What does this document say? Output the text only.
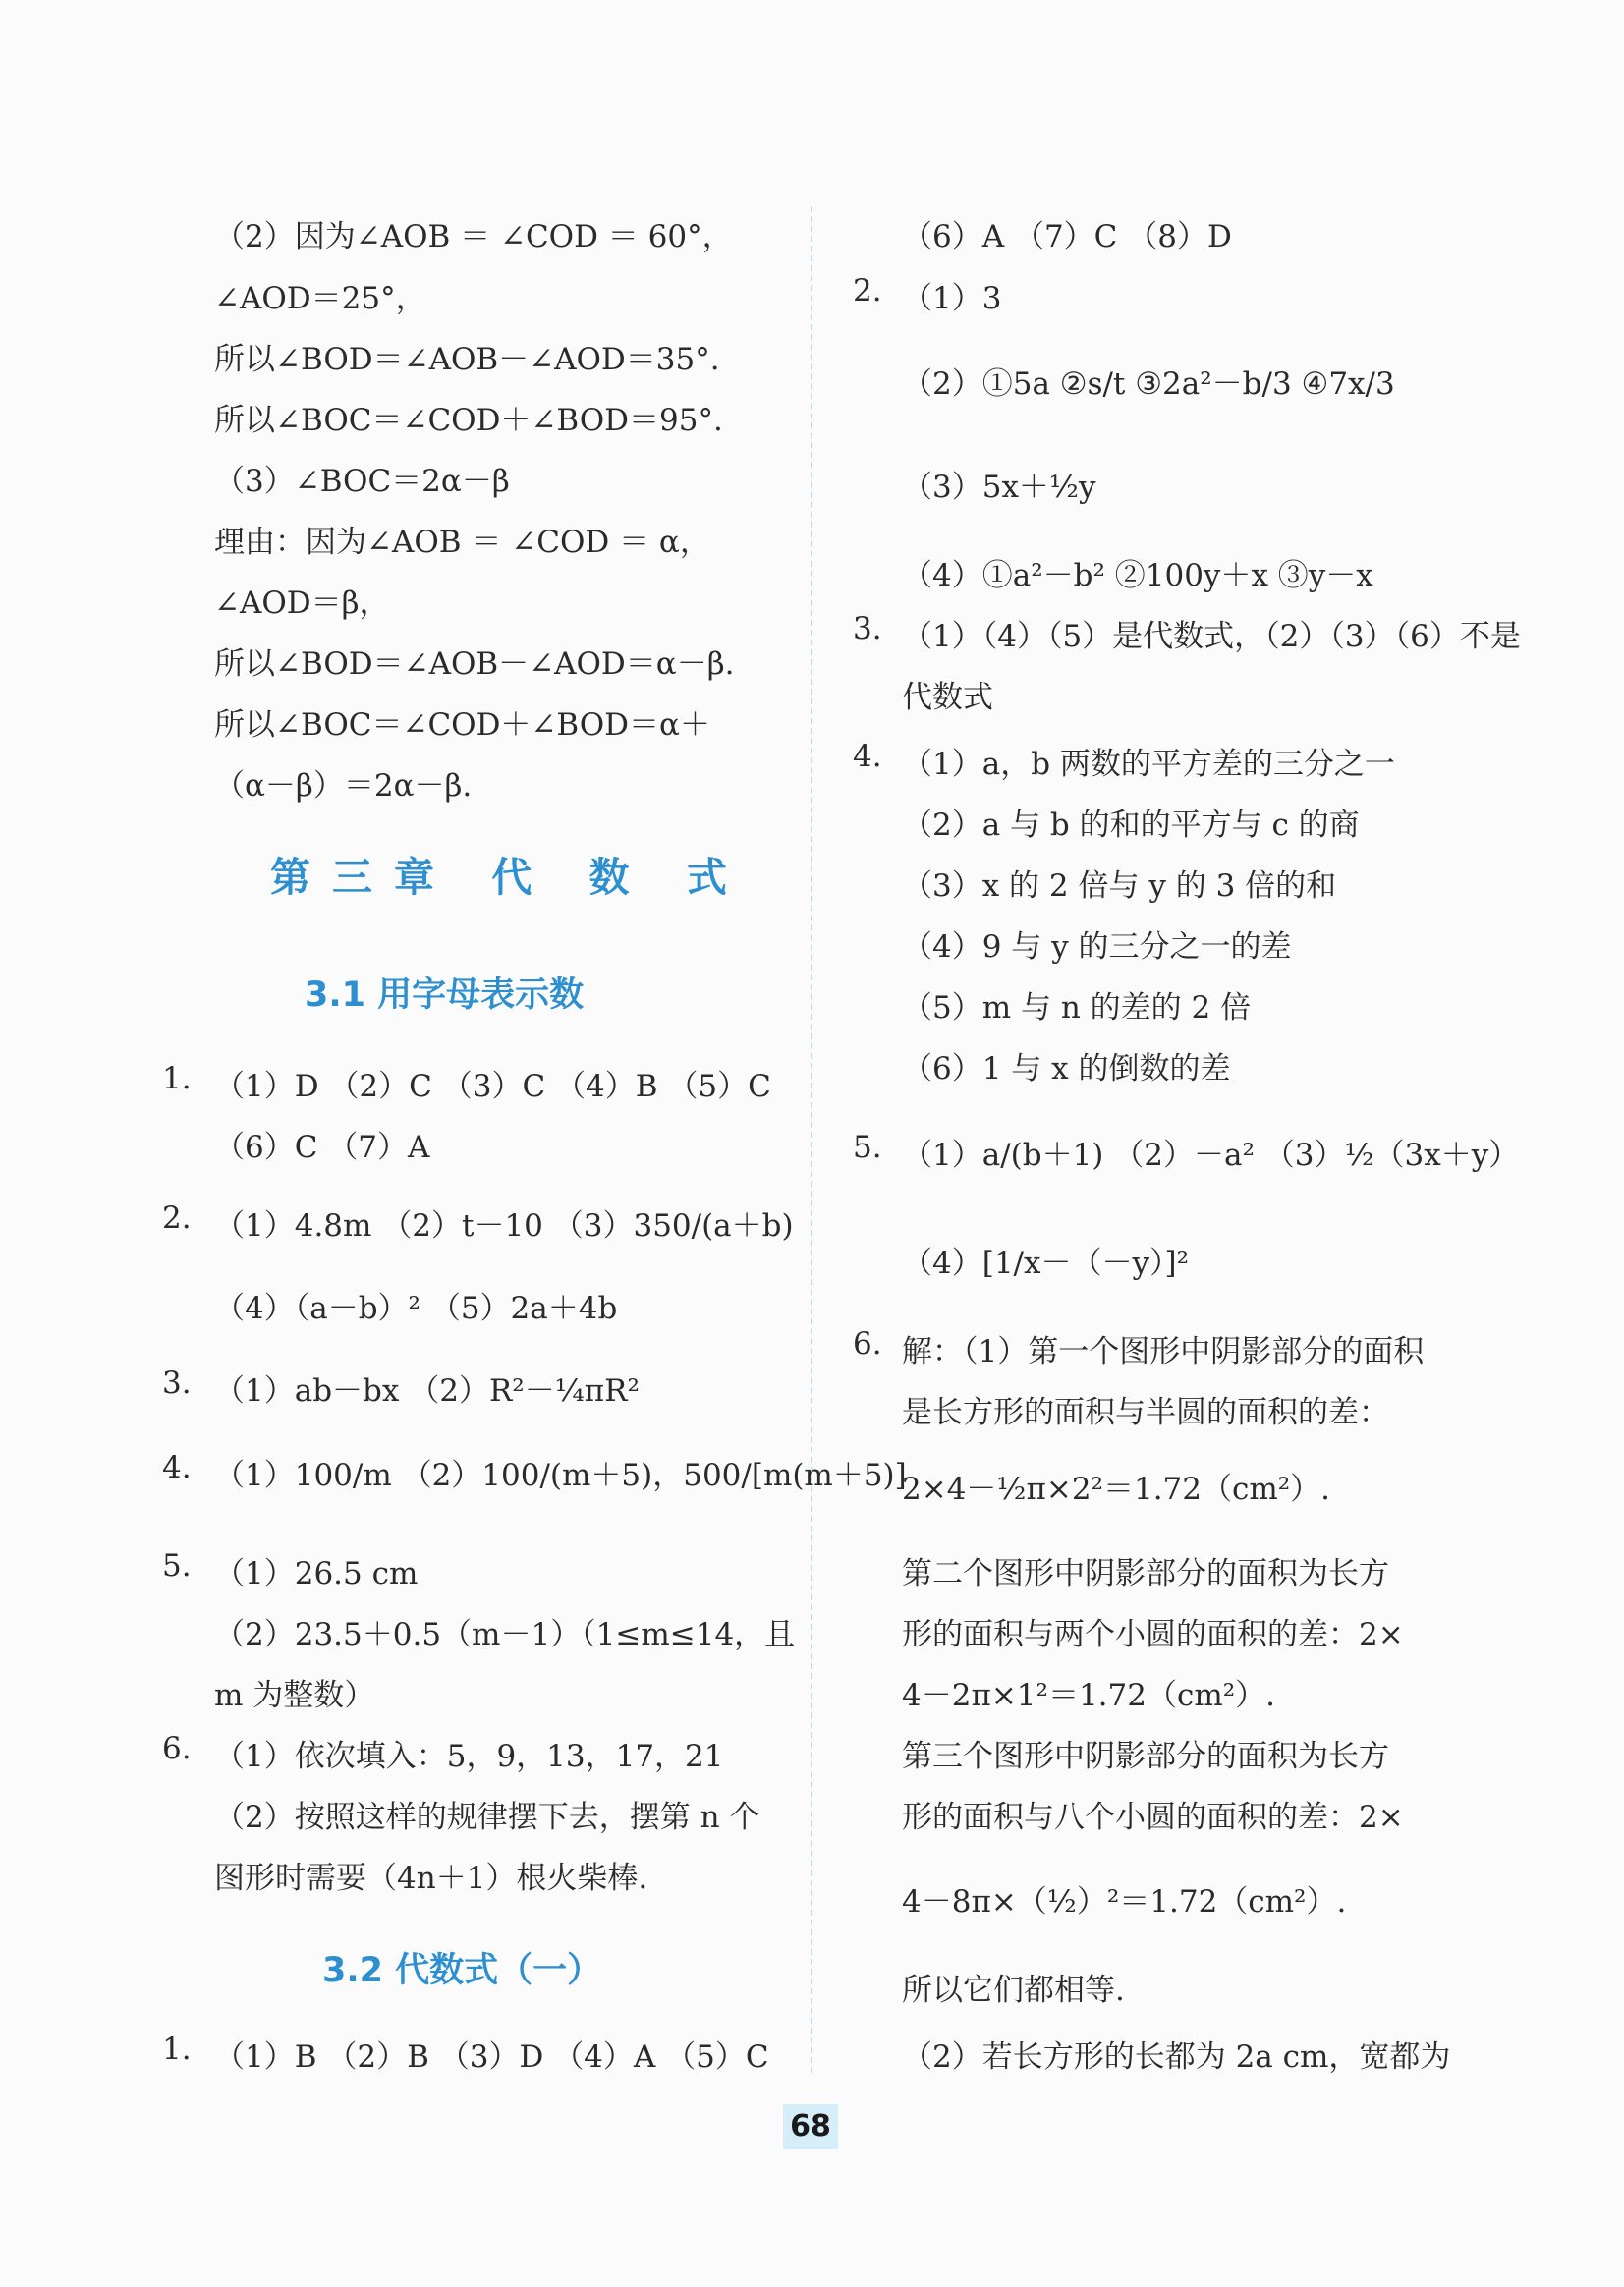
68
（2）因为∠AOB ＝ ∠COD ＝ 60°，
∠AOD＝25°，
所以∠BOD＝∠AOB－∠AOD＝35°.
所以∠BOC＝∠COD＋∠BOD＝95°.
（3）∠BOC＝2α－β
理由：因为∠AOB ＝ ∠COD ＝ α，
∠AOD＝β，
所以∠BOD＝∠AOB－∠AOD＝α－β.
所以∠BOC＝∠COD＋∠BOD＝α＋
（α－β）＝2α－β.
第三章 代 数 式
3.1 用字母表示数
1. （1）D （2）C （3）C （4）B （5）C
（6）C （7）A
2. （1）4.8m （2）t－10 （3）350/(a＋b)
（4）（a－b）² （5）2a＋4b
3. （1）ab－bx （2）R²－¼πR²
4. （1）100/m （2）100/(m＋5)，500/[m(m＋5)]
5. （1）26.5 cm
（2）23.5＋0.5（m－1）（1≤m≤14，且
m 为整数）
6. （1）依次填入：5，9，13，17，21
（2）按照这样的规律摆下去，摆第 n 个
图形时需要（4n＋1）根火柴棒.
3.2 代数式（一）
1. （1）B （2）B （3）D （4）A （5）C
（6）A （7）C （8）D
2. （1）3
（2）①5a ②s/t ③2a²－b/3 ④7x/3
（3）5x＋½y
（4）①a²－b² ②100y＋x ③y－x
3. （1）（4）（5）是代数式，（2）（3）（6）不是
代数式
4. （1）a，b 两数的平方差的三分之一
（2）a 与 b 的和的平方与 c 的商
（3）x 的 2 倍与 y 的 3 倍的和
（4）9 与 y 的三分之一的差
（5）m 与 n 的差的 2 倍
（6）1 与 x 的倒数的差
5. （1）a/(b＋1) （2）－a² （3）½（3x＋y）
（4）[1/x－（－y）]²
6. 解：（1）第一个图形中阴影部分的面积
是长方形的面积与半圆的面积的差：
2×4－½π×2²＝1.72（cm²）.
第二个图形中阴影部分的面积为长方
形的面积与两个小圆的面积的差：2×
4－2π×1²＝1.72（cm²）.
第三个图形中阴影部分的面积为长方
形的面积与八个小圆的面积的差：2×
4－8π×（½）²＝1.72（cm²）.
所以它们都相等.
（2）若长方形的长都为 2a cm，宽都为
